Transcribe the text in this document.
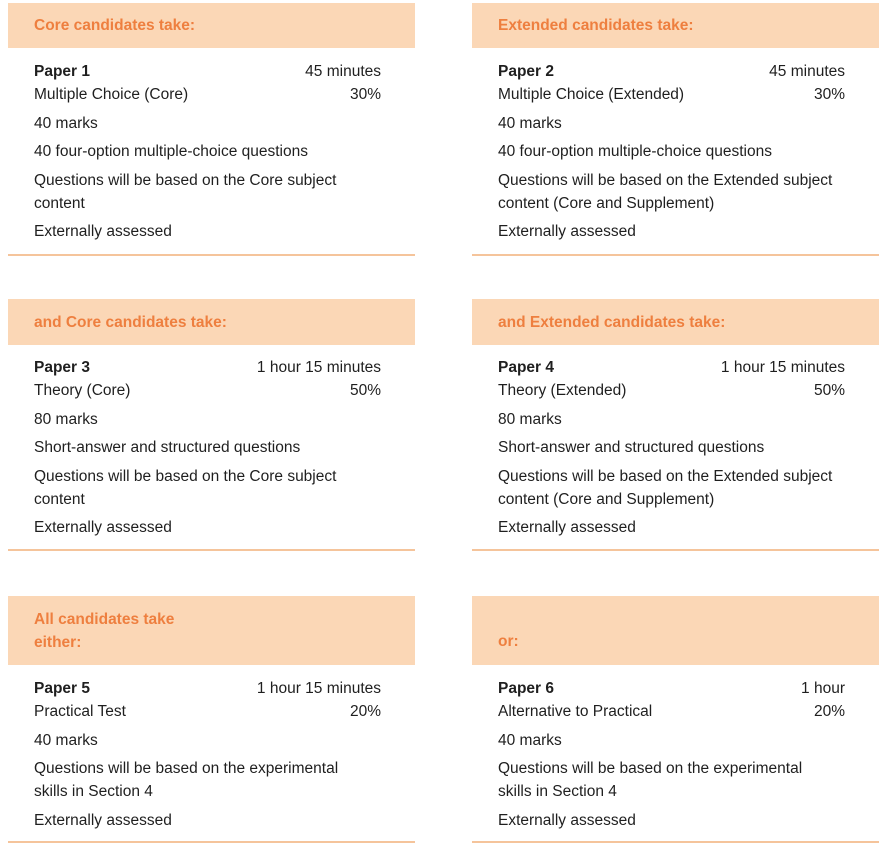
Core candidates take:
Paper 1	45 minutes
Multiple Choice (Core)	30%
40 marks
40 four-option multiple-choice questions
Questions will be based on the Core subject content
Externally assessed
Extended candidates take:
Paper 2	45 minutes
Multiple Choice (Extended)	30%
40 marks
40 four-option multiple-choice questions
Questions will be based on the Extended subject content (Core and Supplement)
Externally assessed
and Core candidates take:
Paper 3	1 hour 15 minutes
Theory (Core)	50%
80 marks
Short-answer and structured questions
Questions will be based on the Core subject content
Externally assessed
and Extended candidates take:
Paper 4	1 hour 15 minutes
Theory (Extended)	50%
80 marks
Short-answer and structured questions
Questions will be based on the Extended subject content (Core and Supplement)
Externally assessed
All candidates take either:
Paper 5	1 hour 15 minutes
Practical Test	20%
40 marks
Questions will be based on the experimental skills in Section 4
Externally assessed
or:
Paper 6	1 hour
Alternative to Practical	20%
40 marks
Questions will be based on the experimental skills in Section 4
Externally assessed
